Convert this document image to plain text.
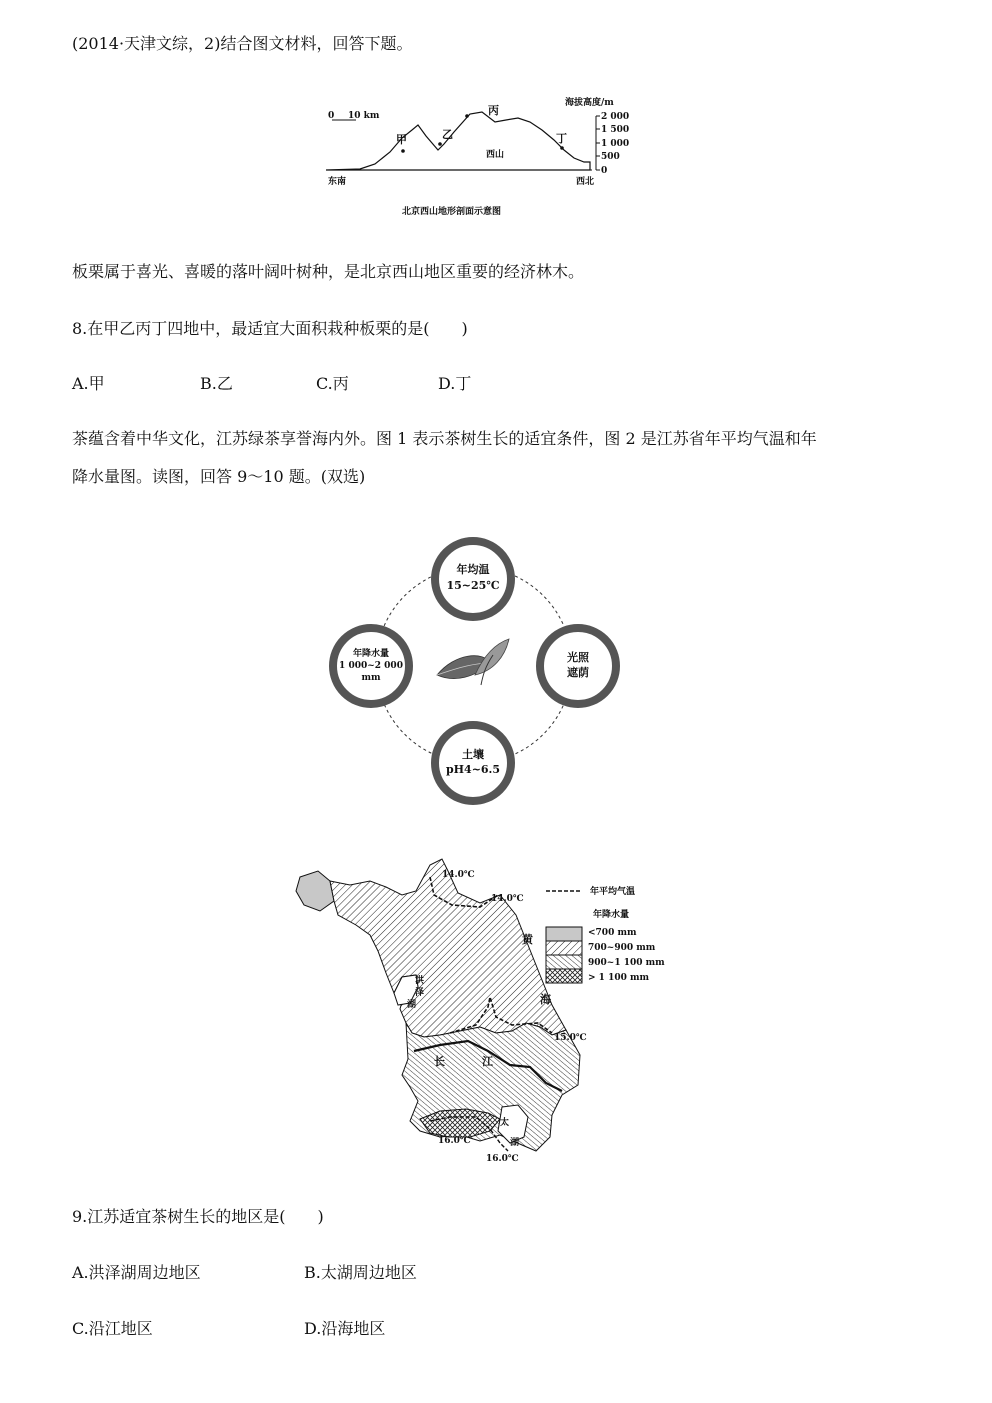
(2014·天津文综，2)结合图文材料，回答下题。
0 10 km
甲	乙
丙
丁
西山
海拔高度/m
2 000
1 500
1 000
500
0
东南	西北
北京西山地形剖面示意图
板栗属于喜光、喜暖的落叶阔叶树种，是北京西山地区重要的经济林木。
8.在甲乙丙丁四地中，最适宜大面积栽种板栗的是(　　)
A.甲	B.乙	C.丙	D.丁
茶蕴含着中华文化，江苏绿茶享誉海内外。图 1 表示茶树生长的适宜条件，图 2 是江苏省年平均气温和年
降水量图。读图，回答 9～10 题。(双选)
年均温
15~25℃
年降水量
1 000~2 000
mm
光照
遮荫
土壤
pH4~6.5
14.0℃
14.0℃
15.0℃
16.0℃
16.0℃
洪
泽
湖
长	江
太
湖
黄
海
年平均气温
年降水量
<700 mm
700~900 mm
900~1 100 mm
> 1 100 mm
9.江苏适宜茶树生长的地区是(　　)
A.洪泽湖周边地区	B.太湖周边地区
C.沿江地区	D.沿海地区
